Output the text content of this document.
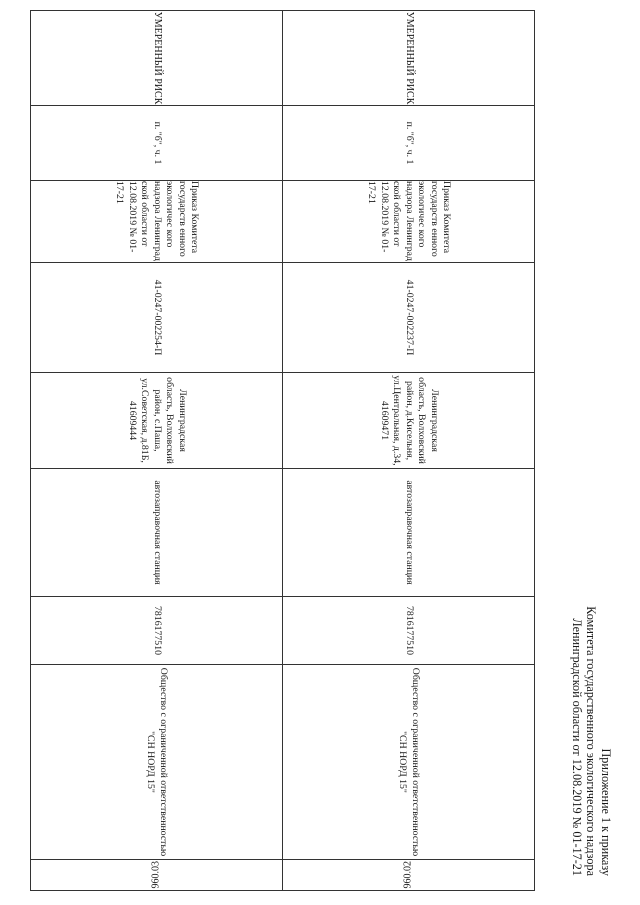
Приложение 1 к приказу
Комитета государственного экологического надзора
Ленинградской области от 12.08.2019 № 01-17-21
УМЕРЕННЫЙ РИСК	п. "б", ч. 1	Приказ Комитета государств енного экологичес кого надзора Ленинград ской области от 12.08.2019 № 01-17-21	41-0247-002237-П	Ленинградская область, Волховский район, д.Кисельня, ул.Центральная, д.34, 41609471	автозаправочная станция	7816177510	Общество с ограниченной ответственностью "СН НОРД 15"	960.02
УМЕРЕННЫЙ РИСК	п. "б", ч. 1	Приказ Комитета государств енного экологичес кого надзора Ленинград ской области от 12.08.2019 № 01-17-21	41-0247-002254-П	Ленинградская область, Волховский район, с.Паша, ул.Советская, д.81Б, 41609444	автозаправочная станция	7816177510	Общество с ограниченной ответственностью "СН НОРД 15"	960.03
